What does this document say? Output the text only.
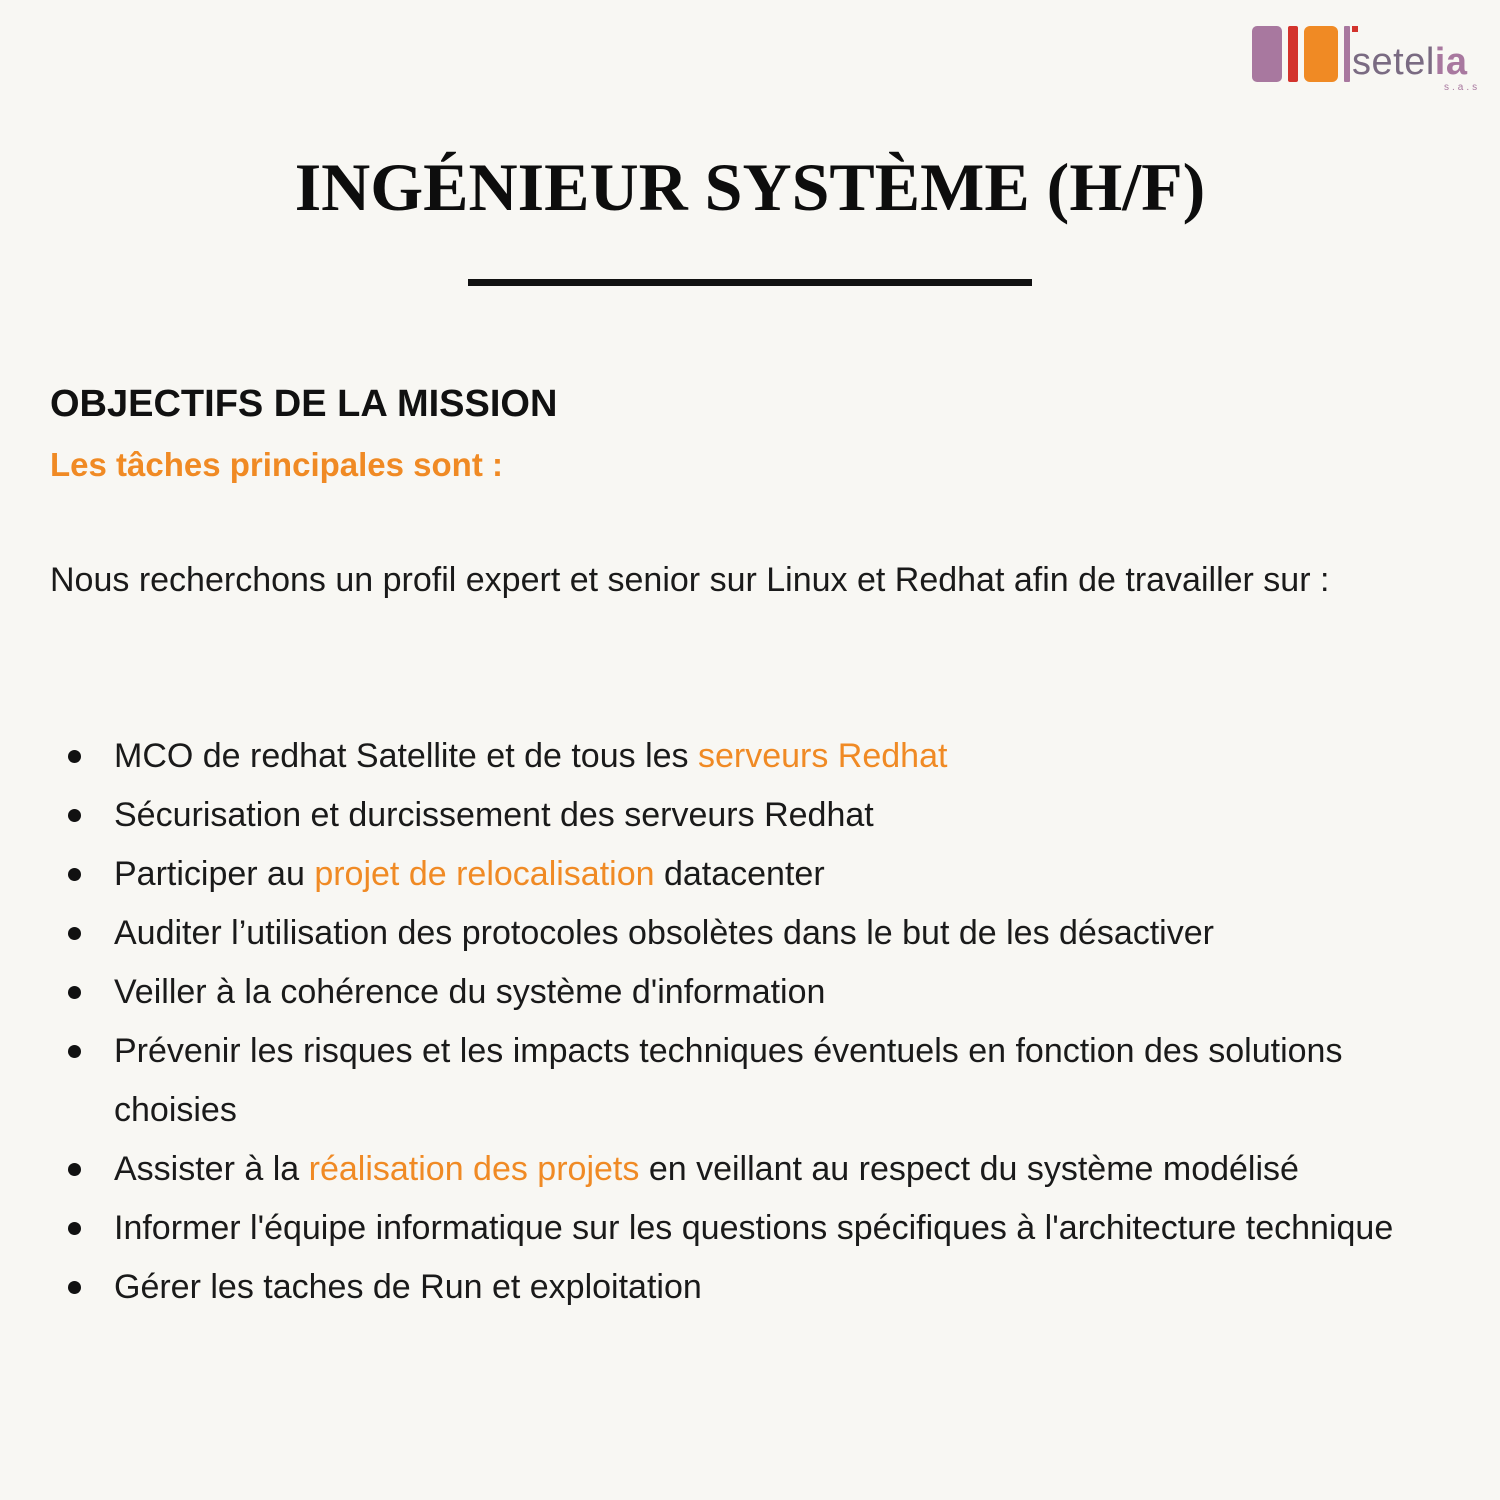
setelia
s.a.s
INGÉNIEUR SYSTÈME (H/F)
OBJECTIFS DE LA MISSION

Les tâches principales sont :

Nous recherchons un profil expert et senior sur Linux et Redhat afin de travailler sur :

MCO de redhat Satellite et de tous les serveurs Redhat
Sécurisation et durcissement des serveurs Redhat
Participer au projet de relocalisation datacenter
Auditer l’utilisation des protocoles obsolètes dans le but de les désactiver
Veiller à la cohérence du système d'information
Prévenir les risques et les impacts techniques éventuels en fonction des solutions choisies
Assister à la réalisation des projets en veillant au respect du système modélisé
Informer l'équipe informatique sur les questions spécifiques à l'architecture technique
Gérer les taches de Run et exploitation
